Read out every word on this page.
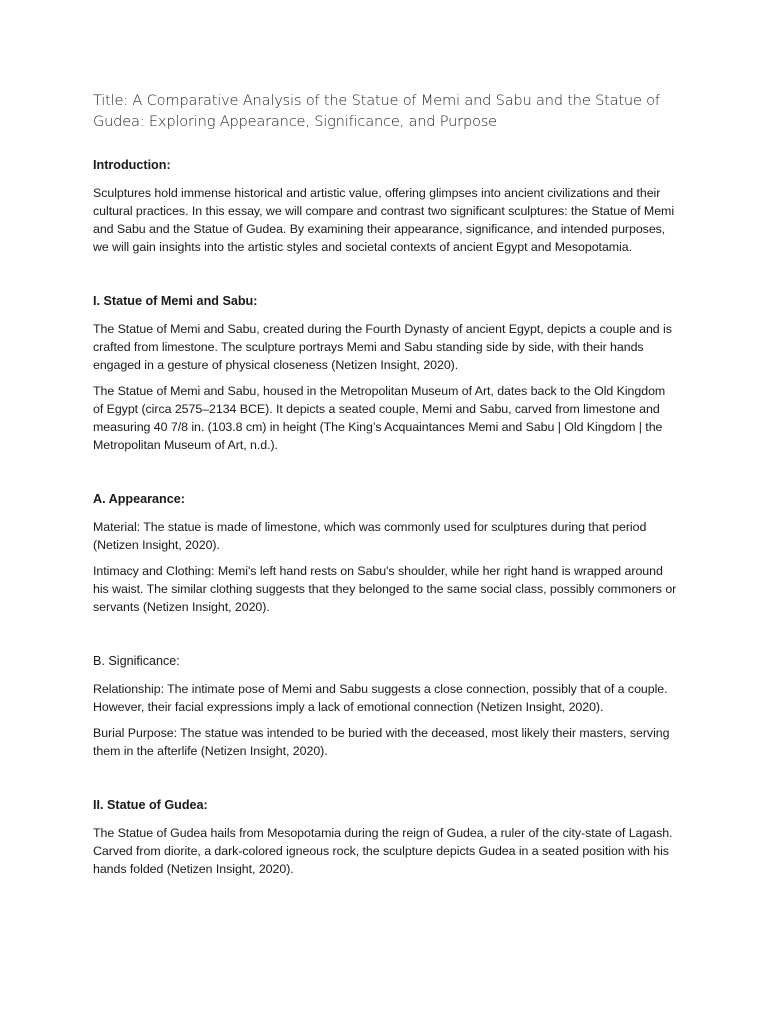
Title: A Comparative Analysis of the Statue of Memi and Sabu and the Statue of Gudea: Exploring Appearance, Significance, and Purpose
Introduction:

Sculptures hold immense historical and artistic value, offering glimpses into ancient civilizations and their cultural practices. In this essay, we will compare and contrast two significant sculptures: the Statue of Memi and Sabu and the Statue of Gudea. By examining their appearance, significance, and intended purposes, we will gain insights into the artistic styles and societal contexts of ancient Egypt and Mesopotamia.

I. Statue of Memi and Sabu:

The Statue of Memi and Sabu, created during the Fourth Dynasty of ancient Egypt, depicts a couple and is crafted from limestone. The sculpture portrays Memi and Sabu standing side by side, with their hands engaged in a gesture of physical closeness (Netizen Insight, 2020).

The Statue of Memi and Sabu, housed in the Metropolitan Museum of Art, dates back to the Old Kingdom of Egypt (circa 2575–2134 BCE). It depicts a seated couple, Memi and Sabu, carved from limestone and measuring 40 7/8 in. (103.8 cm) in height (The King’s Acquaintances Memi and Sabu | Old Kingdom | the Metropolitan Museum of Art, n.d.).

A. Appearance:

Material: The statue is made of limestone, which was commonly used for sculptures during that period (Netizen Insight, 2020).

Intimacy and Clothing: Memi's left hand rests on Sabu's shoulder, while her right hand is wrapped around his waist. The similar clothing suggests that they belonged to the same social class, possibly commoners or servants (Netizen Insight, 2020).

B. Significance:

Relationship: The intimate pose of Memi and Sabu suggests a close connection, possibly that of a couple. However, their facial expressions imply a lack of emotional connection (Netizen Insight, 2020).

Burial Purpose: The statue was intended to be buried with the deceased, most likely their masters, serving them in the afterlife (Netizen Insight, 2020).

II. Statue of Gudea:

The Statue of Gudea hails from Mesopotamia during the reign of Gudea, a ruler of the city-state of Lagash. Carved from diorite, a dark-colored igneous rock, the sculpture depicts Gudea in a seated position with his hands folded (Netizen Insight, 2020).
